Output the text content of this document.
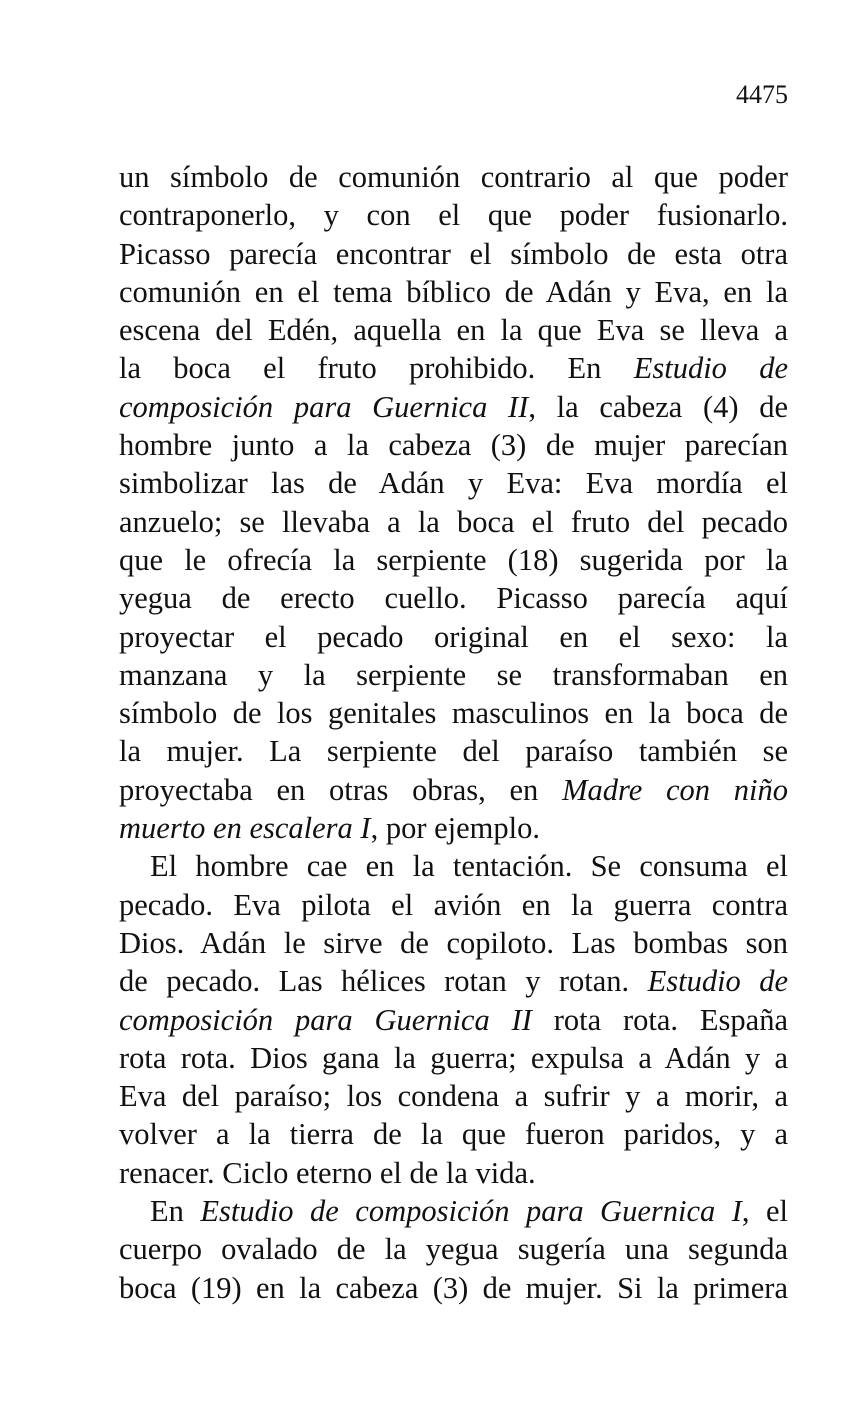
4475
un símbolo de comunión contrario al que poder
contraponerlo, y con el que poder fusionarlo.
Picasso parecía encontrar el símbolo de esta otra
comunión en el tema bíblico de Adán y Eva, en la
escena del Edén, aquella en la que Eva se lleva a
la boca el fruto prohibido. En Estudio de
composición para Guernica II, la cabeza (4) de
hombre junto a la cabeza (3) de mujer parecían
simbolizar las de Adán y Eva: Eva mordía el
anzuelo; se llevaba a la boca el fruto del pecado
que le ofrecía la serpiente (18) sugerida por la
yegua de erecto cuello. Picasso parecía aquí
proyectar el pecado original en el sexo: la
manzana y la serpiente se transformaban en
símbolo de los genitales masculinos en la boca de
la mujer. La serpiente del paraíso también se
proyectaba en otras obras, en Madre con niño
muerto en escalera I, por ejemplo.
El hombre cae en la tentación. Se consuma el
pecado. Eva pilota el avión en la guerra contra
Dios. Adán le sirve de copiloto. Las bombas son
de pecado. Las hélices rotan y rotan. Estudio de
composición para Guernica II rota rota. España
rota rota. Dios gana la guerra; expulsa a Adán y a
Eva del paraíso; los condena a sufrir y a morir, a
volver a la tierra de la que fueron paridos, y a
renacer. Ciclo eterno el de la vida.
En Estudio de composición para Guernica I, el
cuerpo ovalado de la yegua sugería una segunda
boca (19) en la cabeza (3) de mujer. Si la primera
